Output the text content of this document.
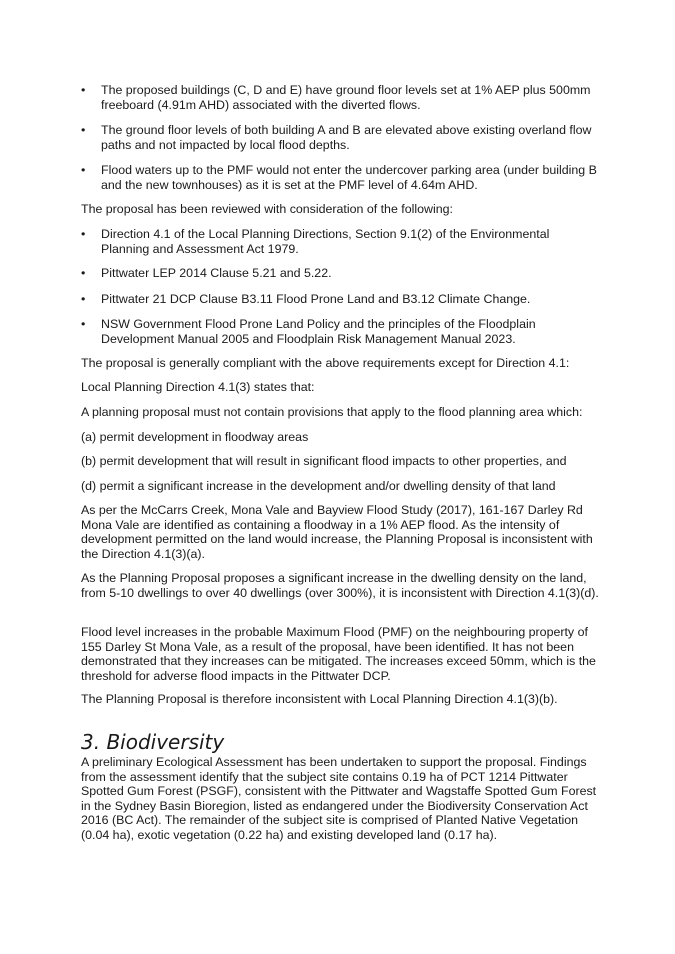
•	The proposed buildings (C, D and E) have ground floor levels set at 1% AEP plus 500mm freeboard (4.91m AHD) associated with the diverted flows.
•	The ground floor levels of both building A and B are elevated above existing overland flow paths and not impacted by local flood depths.
•	Flood waters up to the PMF would not enter the undercover parking area (under building B and the new townhouses) as it is set at the PMF level of 4.64m AHD.

The proposal has been reviewed with consideration of the following:

•	Direction 4.1 of the Local Planning Directions, Section 9.1(2) of the Environmental Planning and Assessment Act 1979.
•	Pittwater LEP 2014 Clause 5.21 and 5.22.
•	Pittwater 21 DCP Clause B3.11 Flood Prone Land and B3.12 Climate Change.
•	NSW Government Flood Prone Land Policy and the principles of the Floodplain Development Manual 2005 and Floodplain Risk Management Manual 2023.

The proposal is generally compliant with the above requirements except for Direction 4.1:

Local Planning Direction 4.1(3) states that:

A planning proposal must not contain provisions that apply to the flood planning area which:

(a) permit development in floodway areas

(b) permit development that will result in significant flood impacts to other properties, and

(d) permit a significant increase in the development and/or dwelling density of that land

As per the McCarrs Creek, Mona Vale and Bayview Flood Study (2017), 161-167 Darley Rd Mona Vale are identified as containing a floodway in a 1% AEP flood. As the intensity of development permitted on the land would increase, the Planning Proposal is inconsistent with the Direction 4.1(3)(a).

As the Planning Proposal proposes a significant increase in the dwelling density on the land, from 5-10 dwellings to over 40 dwellings (over 300%), it is inconsistent with Direction 4.1(3)(d).

Flood level increases in the probable Maximum Flood (PMF) on the neighbouring property of 155 Darley St Mona Vale, as a result of the proposal, have been identified. It has not been demonstrated that they increases can be mitigated. The increases exceed 50mm, which is the threshold for adverse flood impacts in the Pittwater DCP.

The Planning Proposal is therefore inconsistent with Local Planning Direction 4.1(3)(b).

3. Biodiversity

A preliminary Ecological Assessment has been undertaken to support the proposal. Findings from the assessment identify that the subject site contains 0.19 ha of PCT 1214 Pittwater Spotted Gum Forest (PSGF), consistent with the Pittwater and Wagstaffe Spotted Gum Forest in the Sydney Basin Bioregion, listed as endangered under the Biodiversity Conservation Act 2016 (BC Act). The remainder of the subject site is comprised of Planted Native Vegetation (0.04 ha), exotic vegetation (0.22 ha) and existing developed land (0.17 ha).
